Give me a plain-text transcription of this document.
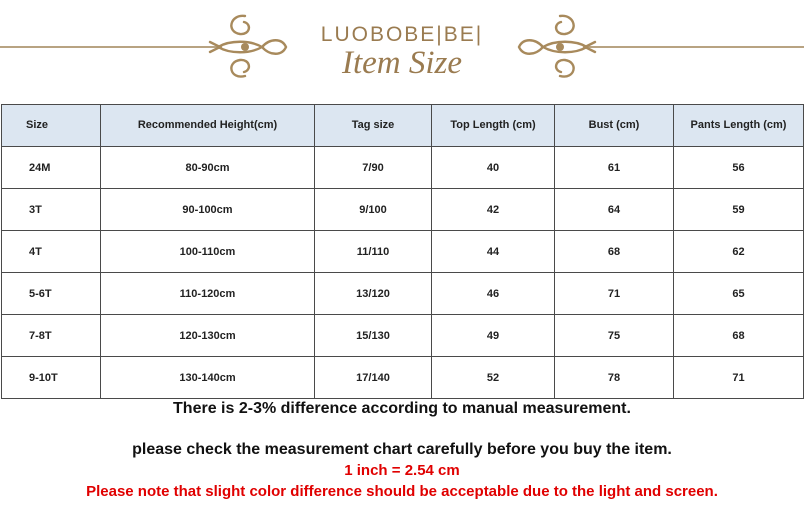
LUOBOBE|BE|
Item Size
Size	Recommended Height(cm)	Tag size	Top Length (cm)	Bust (cm)	Pants Length (cm)
24M	80-90cm	7/90	40	61	56
3T	90-100cm	9/100	42	64	59
4T	100-110cm	11/110	44	68	62
5-6T	110-120cm	13/120	46	71	65
7-8T	120-130cm	15/130	49	75	68
9-10T	130-140cm	17/140	52	78	71
There is 2-3% difference according to manual measurement.
please check the measurement chart carefully before you buy the item.
1 inch = 2.54 cm
Please note that slight color difference should be acceptable due to the light and screen.
